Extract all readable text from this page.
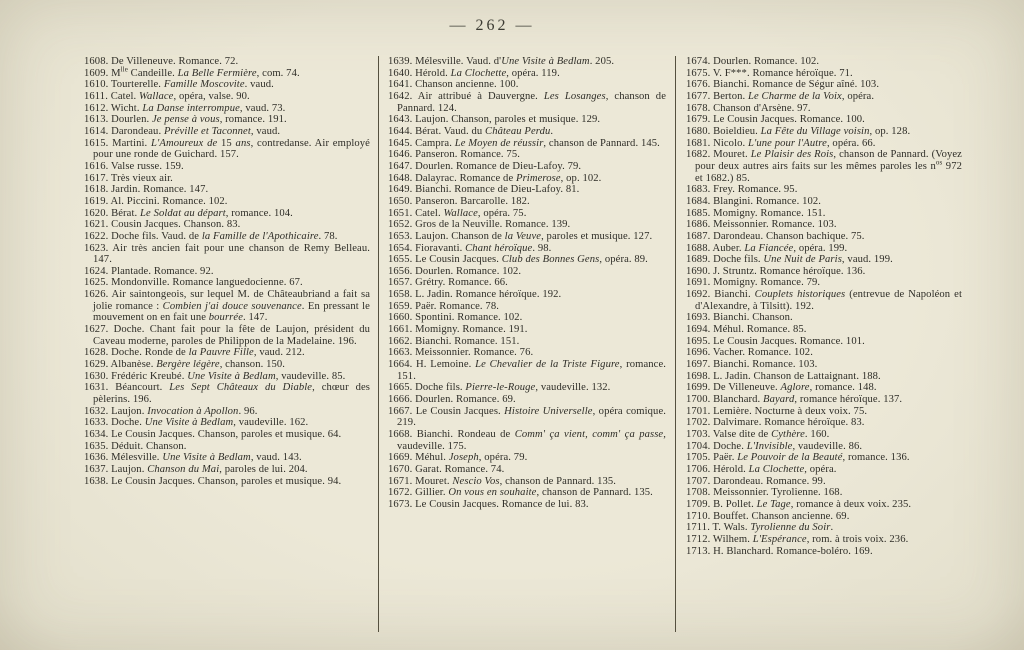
— 262 —

1608. De Villeneuve. Romance. 72.

1609. $M^{lle}$ Candeille. La Belle Fermière, com. 74.

1610. Tourterelle. Famille Moscovite. vaud.

1611. Catel. Wallace, opéra, valse. 90.

1612. Wicht. La Danse interrompue, vaud. 73.

1613. Dourlen. Je pense à vous, romance. 191.

1614. Darondeau. Préville et Taconnet, vaud.

1615. Martini. L'Amoureux de 15 ans, contredanse. Air employé pour une ronde de Guichard. 157.

1616. Valse russe. 159.

1617. Très vieux air.

1618. Jardin. Romance. 147.

1619. Al. Piccini. Romance. 102.

1620. Bérat. Le Soldat au départ, romance. 104.

1621. Cousin Jacques. Chanson. 83.

1622. Doche fils. Vaud. de la Famille de l'Apothicaire. 78.

1623. Air très ancien fait pour une chanson de Remy Belleau. 147.

1624. Plantade. Romance. 92.

1625. Mondonville. Romance languedocienne. 67.

1626. Air saintongeois, sur lequel M. de Châteaubriand a fait sa jolie romance : Combien j'ai douce souvenance. En pressant le mouvement on en fait une bourrée. 147.

1627. Doche. Chant fait pour la fête de Laujon, président du Caveau moderne, paroles de Philippon de la Madelaine. 196.

1628. Doche. Ronde de la Pauvre Fille, vaud. 212.

1629. Albanèse. Bergère légère, chanson. 150.

1630. Frédéric Kreubé. Une Visite à Bedlam, vaudeville. 85.

1631. Béancourt. Les Sept Châteaux du Diable, chœur des pèlerins. 196.

1632. Laujon. Invocation à Apollon. 96.

1633. Doche. Une Visite à Bedlam, vaudeville. 162.

1634. Le Cousin Jacques. Chanson, paroles et musique. 64.

1635. Déduit. Chanson.

1636. Mélesville. Une Visite à Bedlam, vaud. 143.

1637. Laujon. Chanson du Mai, paroles de lui. 204.

1638. Le Cousin Jacques. Chanson, paroles et musique. 94.

1639. Mélesville. Vaud. d'Une Visite à Bedlam. 205.

1640. Hérold. La Clochette, opéra. 119.

1641. Chanson ancienne. 100.

1642. Air attribué à Dauvergne. Les Losanges, chanson de Pannard. 124.

1643. Laujon. Chanson, paroles et musique. 129.

1644. Bérat. Vaud. du Château Perdu.

1645. Campra. Le Moyen de réussir, chanson de Pannard. 145.

1646. Panseron. Romance. 75.

1647. Dourlen. Romance de Dieu-Lafoy. 79.

1648. Dalayrac. Romance de Primerose, op. 102.

1649. Bianchi. Romance de Dieu-Lafoy. 81.

1650. Panseron. Barcarolle. 182.

1651. Catel. Wallace, opéra. 75.

1652. Gros de la Neuville. Romance. 139.

1653. Laujon. Chanson de la Veuve, paroles et musique. 127.

1654. Fioravanti. Chant héroïque. 98.

1655. Le Cousin Jacques. Club des Bonnes Gens, opéra. 89.

1656. Dourlen. Romance. 102.

1657. Grétry. Romance. 66.

1658. L. Jadin. Romance héroïque. 192.

1659. Paër. Romance. 78.

1660. Spontini. Romance. 102.

1661. Momigny. Romance. 191.

1662. Bianchi. Romance. 151.

1663. Meissonnier. Romance. 76.

1664. H. Lemoine. Le Chevalier de la Triste Figure, romance. 151.

1665. Doche fils. Pierre-le-Rouge, vaudeville. 132.

1666. Dourlen. Romance. 69.

1667. Le Cousin Jacques. Histoire Universelle, opéra comique. 219.

1668. Bianchi. Rondeau de Comm' ça vient, comm' ça passe, vaudeville. 175.

1669. Méhul. Joseph, opéra. 79.

1670. Garat. Romance. 74.

1671. Mouret. Nescio Vos, chanson de Pannard. 135.

1672. Gillier. On vous en souhaite, chanson de Pannard. 135.

1673. Le Cousin Jacques. Romance de lui. 83.

1674. Dourlen. Romance. 102.

1675. V. F***. Romance héroïque. 71.

1676. Bianchi. Romance de Ségur aîné. 103.

1677. Berton. Le Charme de la Voix, opéra.

1678. Chanson d'Arsène. 97.

1679. Le Cousin Jacques. Romance. 100.

1680. Boieldieu. La Fête du Village voisin, op. 128.

1681. Nicolo. L'une pour l'Autre, opéra. 66.

1682. Mouret. Le Plaisir des Rois, chanson de Pannard. (Voyez pour deux autres airs faits sur les mêmes paroles les $n^{os}$ 972 et 1682.) 85.

1683. Frey. Romance. 95.

1684. Blangini. Romance. 102.

1685. Momigny. Romance. 151.

1686. Meissonnier. Romance. 103.

1687. Darondeau. Chanson bachique. 75.

1688. Auber. La Fiancée, opéra. 199.

1689. Doche fils. Une Nuit de Paris, vaud. 199.

1690. J. Struntz. Romance héroïque. 136.

1691. Momigny. Romance. 79.

1692. Bianchi. Couplets historiques (entrevue de Napoléon et d'Alexandre, à Tilsitt). 192.

1693. Bianchi. Chanson.

1694. Méhul. Romance. 85.

1695. Le Cousin Jacques. Romance. 101.

1696. Vacher. Romance. 102.

1697. Bianchi. Romance. 103.

1698. L. Jadin. Chanson de Lattaignant. 188.

1699. De Villeneuve. Aglore, romance. 148.

1700. Blanchard. Bayard, romance héroïque. 137.

1701. Lemière. Nocturne à deux voix. 75.

1702. Dalvimare. Romance héroïque. 83.

1703. Valse dite de Cythère. 160.

1704. Doche. L'Invisible, vaudeville. 86.

1705. Paër. Le Pouvoir de la Beauté, romance. 136.

1706. Hérold. La Clochette, opéra.

1707. Darondeau. Romance. 99.

1708. Meissonnier. Tyrolienne. 168.

1709. B. Pollet. Le Tage, romance à deux voix. 235.

1710. Bouffet. Chanson ancienne. 69.

1711. T. Wals. Tyrolienne du Soir.

1712. Wilhem. L'Espérance, rom. à trois voix. 236.

1713. H. Blanchard. Romance-boléro. 169.
